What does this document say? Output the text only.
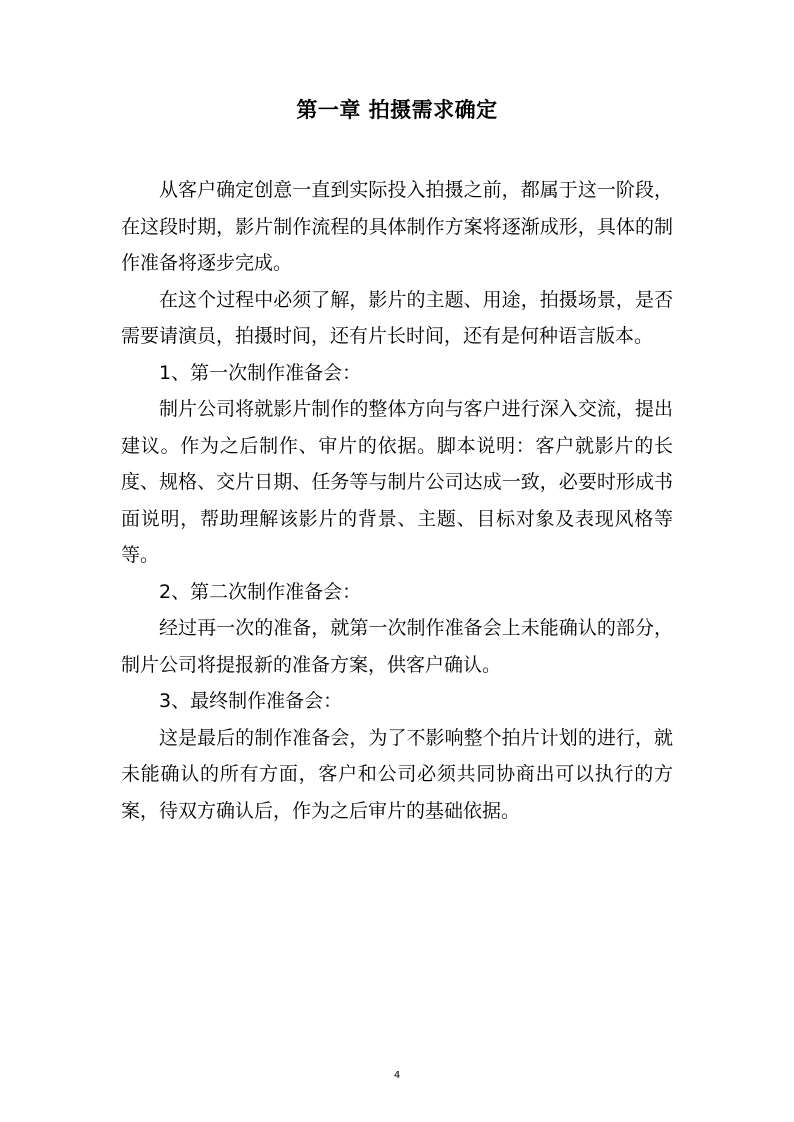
第一章 拍摄需求确定

从客户确定创意一直到实际投入拍摄之前，都属于这一阶段，在这段时期，影片制作流程的具体制作方案将逐渐成形，具体的制作准备将逐步完成。

在这个过程中必须了解，影片的主题、用途，拍摄场景，是否需要请演员，拍摄时间，还有片长时间，还有是何种语言版本。

1、第一次制作准备会：

制片公司将就影片制作的整体方向与客户进行深入交流，提出建议。作为之后制作、审片的依据。脚本说明：客户就影片的长度、规格、交片日期、任务等与制片公司达成一致，必要时形成书面说明，帮助理解该影片的背景、主题、目标对象及表现风格等等。

2、第二次制作准备会：

经过再一次的准备，就第一次制作准备会上未能确认的部分，制片公司将提报新的准备方案，供客户确认。

3、最终制作准备会：

这是最后的制作准备会，为了不影响整个拍片计划的进行，就未能确认的所有方面，客户和公司必须共同协商出可以执行的方案，待双方确认后，作为之后审片的基础依据。

4
